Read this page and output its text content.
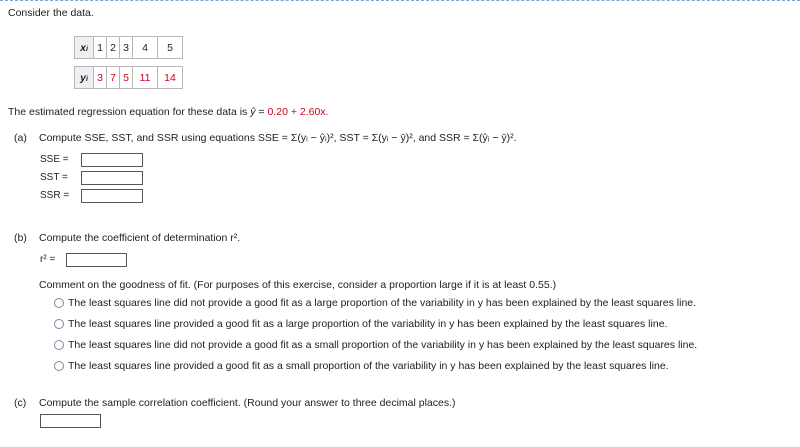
Consider the data.
xi	1	2	3	4	5

yi	3	7	5	11	14
The estimated regression equation for these data is ŷ = 0.20 + 2.60x.
(a) Compute SSE, SST, and SSR using equations SSE = Σ(yᵢ − ŷᵢ)², SST = Σ(yᵢ − ȳ)², and SSR = Σ(ŷᵢ − ȳ)².
SSE =
SST =
SSR =
(b) Compute the coefficient of determination r².
r² =
Comment on the goodness of fit. (For purposes of this exercise, consider a proportion large if it is at least 0.55.)
The least squares line did not provide a good fit as a large proportion of the variability in y has been explained by the least squares line.
The least squares line provided a good fit as a large proportion of the variability in y has been explained by the least squares line.
The least squares line did not provide a good fit as a small proportion of the variability in y has been explained by the least squares line.
The least squares line provided a good fit as a small proportion of the variability in y has been explained by the least squares line.
(c) Compute the sample correlation coefficient. (Round your answer to three decimal places.)
